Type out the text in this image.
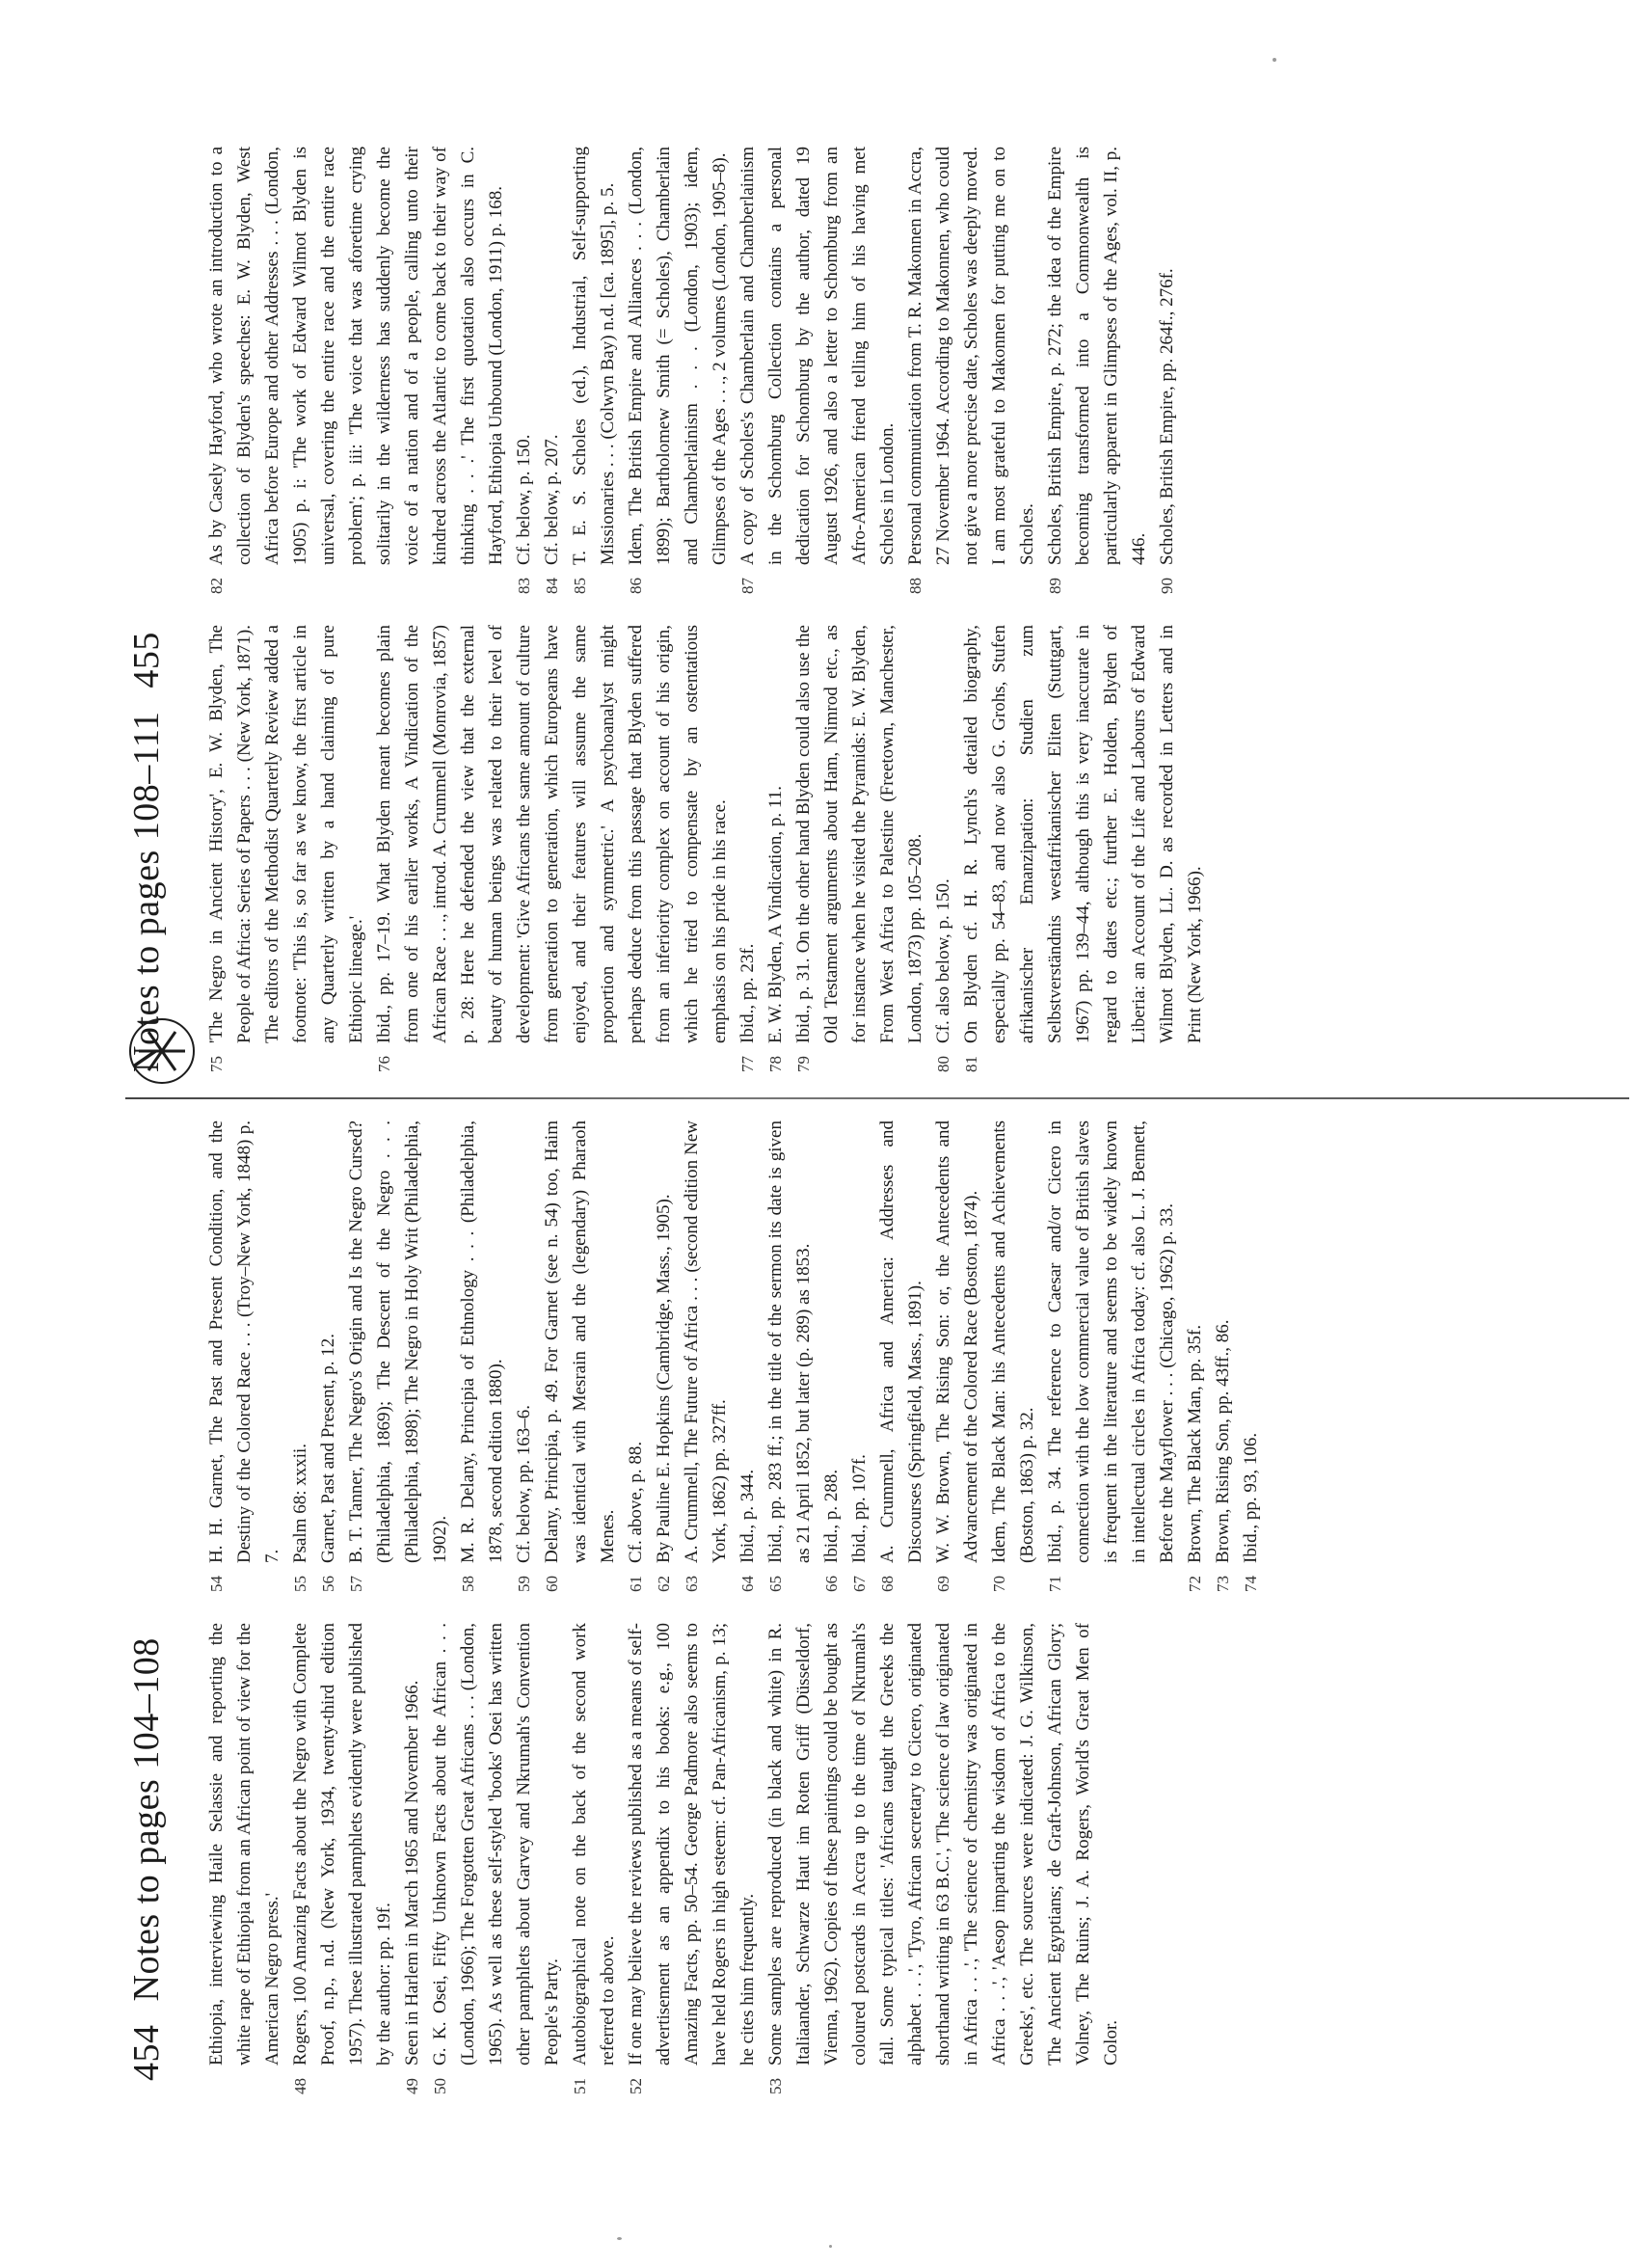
454 Notes to pages 104–108	Ethiopia, interviewing Haile Selassie and reporting the white rape of Ethiopia from an African point of view for the American Negro press.'
48
Rogers, 100 Amazing Facts about the Negro with Complete Proof, n.p., n.d. (New York, 1934, twenty-third edition 1957). These illustrated pamphlets evidently were published by the author: pp. 19f.
49
Seen in Harlem in March 1965 and November 1966.
50
G. K. Osei, Fifty Unknown Facts about the African . . . (London, 1966); The Forgotten Great Africans . . . (London, 1965). As well as these self-styled 'books' Osei has written other pamphlets about Garvey and Nkrumah's Convention People's Party.
51
Autobiographical note on the back of the second work referred to above.
52
If one may believe the reviews published as a means of self-advertisement as an appendix to his books: e.g., 100 Amazing Facts, pp. 50–54. George Padmore also seems to have held Rogers in high esteem: cf. Pan-Africanism, p. 13; he cites him frequently.
53
Some samples are reproduced (in black and white) in R. Italiaander, Schwarze Haut im Roten Griff (Düsseldorf, Vienna, 1962). Copies of these paintings could be bought as coloured postcards in Accra up to the time of Nkrumah's fall. Some typical titles: 'Africans taught the Greeks the alphabet . . .', 'Tyro, African secretary to Cicero, originated shorthand writing in 63 B.C.', 'The science of law originated in Africa . . .', 'The science of chemistry was originated in Africa . . .', 'Aesop imparting the wisdom of Africa to the Greeks', etc. The sources were indicated: J. G. Wilkinson, The Ancient Egyptians; de Graft-Johnson, African Glory; Volney, The Ruins; J. A. Rogers, World's Great Men of Color.
54
H. H. Garnet, The Past and Present Condition, and the Destiny of the Colored Race . . . (Troy–New York, 1848) p. 7.
55
Psalm 68: xxxii.
56
Garnet, Past and Present, p. 12.
57
B. T. Tanner, The Negro's Origin and Is the Negro Cursed? (Philadelphia, 1869); The Descent of the Negro . . . (Philadelphia, 1898); The Negro in Holy Writ (Philadelphia, 1902).
58
M. R. Delany, Principia of Ethnology . . . (Philadelphia, 1878, second edition 1880).
59
Cf. below, pp. 163–6.
60
Delany, Principia, p. 49. For Garnet (see n. 54) too, Haim was identical with Mesrain and the (legendary) Pharaoh Menes.
61
Cf. above, p. 88.
62
By Pauline E. Hopkins (Cambridge, Mass., 1905).
63
A. Crummell, The Future of Africa . . . (second edition New York, 1862) pp. 327ff.
64
Ibid., p. 344.
65
Ibid., pp. 283 ff.; in the title of the sermon its date is given as 21 April 1852, but later (p. 289) as 1853.
66
Ibid., p. 288.
67
Ibid., pp. 107f.
68
A. Crummell, Africa and America: Addresses and Discourses (Springfield, Mass., 1891).
69
W. W. Brown, The Rising Son: or, the Antecedents and Advancement of the Colored Race (Boston, 1874).
70
Idem, The Black Man: his Antecedents and Achievements (Boston, 1863) p. 32.
71
Ibid., p. 34. The reference to Caesar and/or Cicero in connection with the low commercial value of British slaves is frequent in the literature and seems to be widely known in intellectual circles in Africa today: cf. also L. J. Bennett, Before the Mayflower . . . (Chicago, 1962) p. 33.
72
Brown, The Black Man, pp. 35f.
73
Brown, Rising Son, pp. 43ff., 86.
74
Ibid., pp. 93, 106.
Notes to pages 108–111 455
75
'The Negro in Ancient History', E. W. Blyden, The People of Africa: Series of Papers . . . (New York, 1871). The editors of the Methodist Quarterly Review added a footnote: 'This is, so far as we know, the first article in any Quarterly written by a hand claiming of pure Ethiopic lineage.'
76
Ibid., pp. 17–19. What Blyden meant becomes plain from one of his earlier works, A Vindication of the African Race . . ., introd. A. Crummell (Monrovia, 1857) p. 28: Here he defended the view that the external beauty of human beings was related to their level of development: 'Give Africans the same amount of culture from generation to generation, which Europeans have enjoyed, and their features will assume the same proportion and symmetric.' A psychoanalyst might perhaps deduce from this passage that Blyden suffered from an inferiority complex on account of his origin, which he tried to compensate by an ostentatious emphasis on his pride in his race.
77
Ibid., pp. 23f.
78
E. W. Blyden, A Vindication, p. 11.
79
Ibid., p. 31. On the other hand Blyden could also use the Old Testament arguments about Ham, Nimrod etc., as for instance when he visited the Pyramids: E. W. Blyden, From West Africa to Palestine (Freetown, Manchester, London, 1873) pp. 105–208.
80
Cf. also below, p. 150.
81
On Blyden cf. H. R. Lynch's detailed biography, especially pp. 54–83, and now also G. Grohs, Stufen afrikanischer Emanzipation: Studien zum Selbstverständnis westafrikanischer Eliten (Stuttgart, 1967) pp. 139–44, although this is very inaccurate in regard to dates etc.; further E. Holden, Blyden of Liberia: an Account of the Life and Labours of Edward Wilmot Blyden, LL. D. as recorded in Letters and in Print (New York, 1966).
82
As by Casely Hayford, who wrote an introduction to a collection of Blyden's speeches: E. W. Blyden, West Africa before Europe and other Addresses . . . (London, 1905) p. i: 'The work of Edward Wilmot Blyden is universal, covering the entire race and the entire race problem'; p. iii: 'The voice that was aforetime crying solitarily in the wilderness has suddenly become the voice of a nation and of a people, calling unto their kindred across the Atlantic to come back to their way of thinking . . .' The first quotation also occurs in C. Hayford, Ethiopia Unbound (London, 1911) p. 168.
83
Cf. below, p. 150.
84
Cf. below, p. 207.
85
T. E. S. Scholes (ed.), Industrial, Self-supporting Missionaries . . . (Colwyn Bay) n.d. [ca. 1895], p. 5.
86
Idem, The British Empire and Alliances . . . (London, 1899); Bartholomew Smith (= Scholes), Chamberlain and Chamberlainism . . . (London, 1903); idem, Glimpses of the Ages . . ., 2 volumes (London, 1905–8).
87
A copy of Scholes's Chamberlain and Chamberlainism in the Schomburg Collection contains a personal dedication for Schomburg by the author, dated 19 August 1926, and also a letter to Schomburg from an Afro-American friend telling him of his having met Scholes in London.
88
Personal communication from T. R. Makonnen in Accra, 27 November 1964. According to Makonnen, who could not give a more precise date, Scholes was deeply moved. I am most grateful to Makonnen for putting me on to Scholes.
89
Scholes, British Empire, p. 272; the idea of the Empire becoming transformed into a Commonwealth is particularly apparent in Glimpses of the Ages, vol. II, p. 446.
90
Scholes, British Empire, pp. 264f., 276f.
